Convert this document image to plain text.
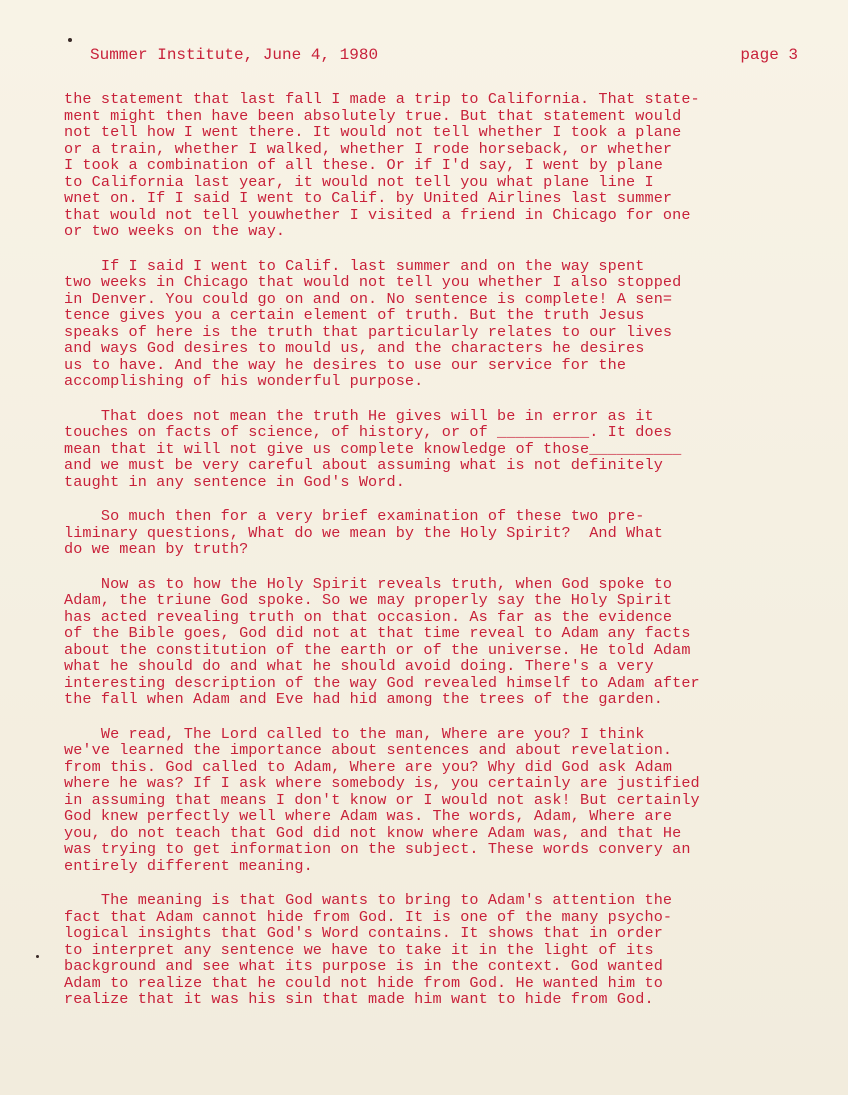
Summer Institute, June 4, 1980	page 3
the statement that last fall I made a trip to California. That state-
ment might then have been absolutely true. But that statement would
not tell how I went there. It would not tell whether I took a plane
or a train, whether I walked, whether I rode horseback, or whether
I took a combination of all these. Or if I'd say, I went by plane
to California last year, it would not tell you what plane line I
wnet on. If I said I went to Calif. by United Airlines last summer
that would not tell youwhether I visited a friend in Chicago for one
or two weeks on the way.
If I said I went to Calif. last summer and on the way spent
two weeks in Chicago that would not tell you whether I also stopped
in Denver. You could go on and on. No sentence is complete! A sen=
tence gives you a certain element of truth. But the truth Jesus
speaks of here is the truth that particularly relates to our lives
and ways God desires to mould us, and the characters he desires
us to have. And the way he desires to use our service for the
accomplishing of his wonderful purpose.
That does not mean the truth He gives will be in error as it
touches on facts of science, of history, or of __________. It does
mean that it will not give us complete knowledge of those__________
and we must be very careful about assuming what is not definitely
taught in any sentence in God's Word.
So much then for a very brief examination of these two pre-
liminary questions, What do we mean by the Holy Spirit?  And What
do we mean by truth?
Now as to how the Holy Spirit reveals truth, when God spoke to
Adam, the triune God spoke. So we may properly say the Holy Spirit
has acted revealing truth on that occasion. As far as the evidence
of the Bible goes, God did not at that time reveal to Adam any facts
about the constitution of the earth or of the universe. He told Adam
what he should do and what he should avoid doing. There's a very
interesting description of the way God revealed himself to Adam after
the fall when Adam and Eve had hid among the trees of the garden.
We read, The Lord called to the man, Where are you? I think
we've learned the importance about sentences and about revelation.
from this. God called to Adam, Where are you? Why did God ask Adam
where he was? If I ask where somebody is, you certainly are justified
in assuming that means I don't know or I would not ask! But certainly
God knew perfectly well where Adam was. The words, Adam, Where are
you, do not teach that God did not know where Adam was, and that He
was trying to get information on the subject. These words convery an
entirely different meaning.
The meaning is that God wants to bring to Adam's attention the
fact that Adam cannot hide from God. It is one of the many psycho-
logical insights that God's Word contains. It shows that in order
to interpret any sentence we have to take it in the light of its
background and see what its purpose is in the context. God wanted
Adam to realize that he could not hide from God. He wanted him to
realize that it was his sin that made him want to hide from God.
